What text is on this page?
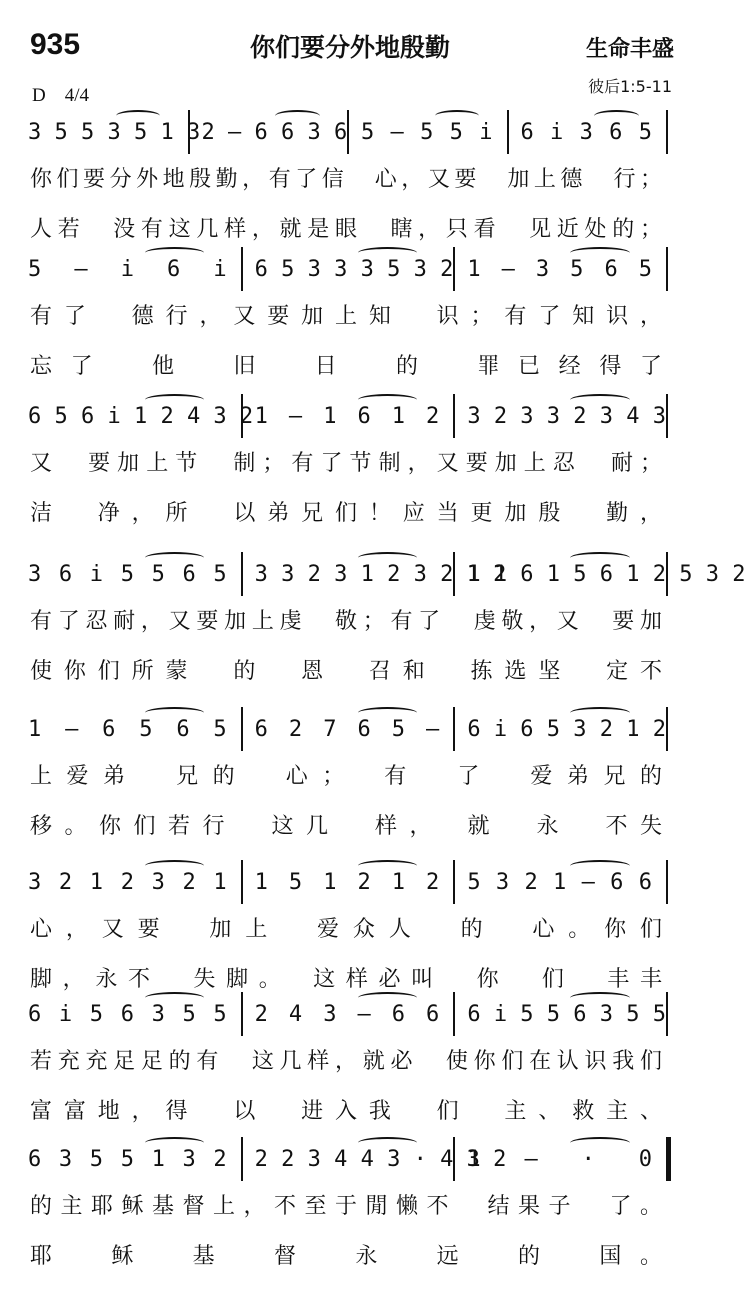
935	你们要分外地殷勤	生命丰盛
D　4/4	彼后1:5-11
3 5 5 3 5 1 3 2 — 6 6 3 6 5 — 5 5 i 6 i 3 6 5
你们要分外地殷勤，有了信　心，又要　加上德　行；
人若　没有这几样，就是眼　瞎，只看　见近处的；
5 — i 6 i 6 5 3 3 3 5 3 2 1 — 3 5 6 5
有了　德行，又要加上知　识；有了知识，
忘了　他　旧　日　的　罪已经得了
6 5 6 i 1 2 4 3 2 1 — 1 6 1 2 3 2 3 3 2 3 4 3
又　要加上节　制；有了节制，又要加上忍　耐；
洁　净，所　以弟兄们！应当更加殷　勤，
3 6 i 5 5 6 5 3 3 2 3 1 2 3 2 1 2
1 1 6 1 5 6 1 2 5 3 2
有了忍耐，又要加上虔　敬；有了　虔敬，又　要加
使你们所蒙　的　恩　召和　拣选坚　定不
1 — 6 5 6 5 6 2 7 6 5 — 6 i 6 5 3 2 1 2
上爱弟　兄的　心；　有　了　爱弟兄的
移。你们若行　这几　样，　就　永　不失
3 2 1 2 3 2 1 1 5 1 2 1 2 5 3 2 1 — 6 6
心，又要　加上　爱众人　的　心。你们
脚，永不　失脚。　这样必叫　你　们　丰丰
6 i 5 6 3 5 5 2 4 3 — 6 6 6 i 5 5 6 3 5 5
若充充足足的有　这几样，就必　使你们在认识我们
富富地，得　以　进入我　们　主、救主、
6 3 5 5 1 3 2 2 2 3 4 4 3 · 4 3 2
1 — · 0
的主耶稣基督上，不至于閒懒不　结果子　了。
耶　稣　基　督　永　远　的　国。
